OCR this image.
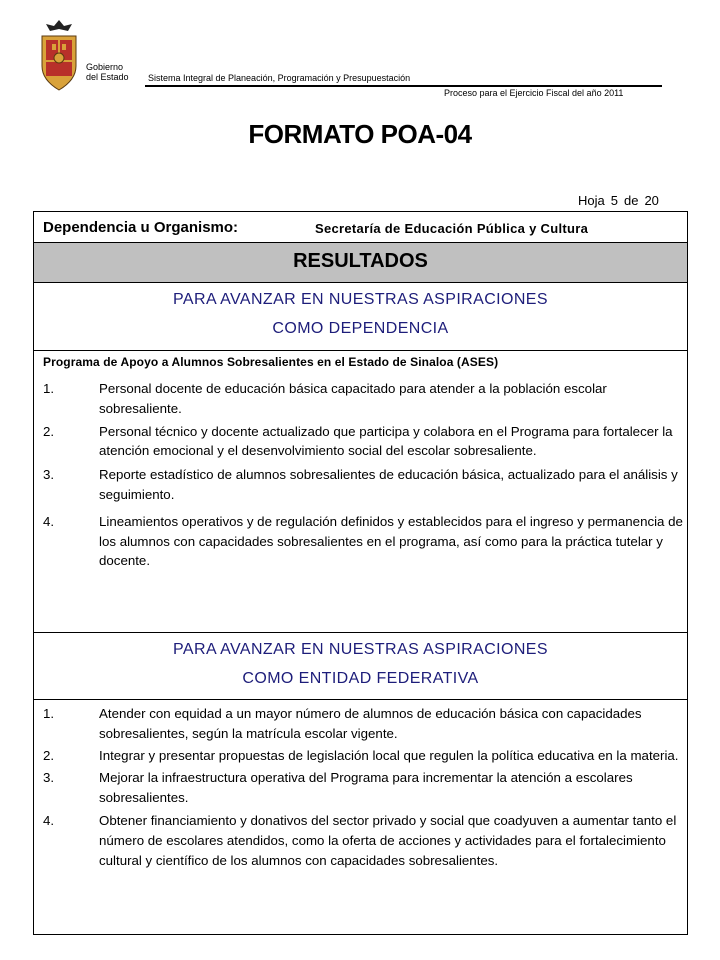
Gobierno
del Estado Sistema Integral de Planeación, Programación y Presupuestación
Proceso para el Ejercicio Fiscal del año 2011
FORMATO POA-04
Hoja 5 de 20
Dependencia u Organismo:	Secretaría de Educación Pública y Cultura
RESULTADOS
PARA AVANZAR EN NUESTRAS ASPIRACIONES
COMO DEPENDENCIA
Programa de Apoyo a Alumnos Sobresalientes en el Estado de Sinaloa (ASES)
1.	Personal docente de educación básica capacitado para atender a la población escolar sobresaliente.
2.	Personal técnico y docente actualizado que participa y colabora en el Programa para fortalecer la atención emocional y el desenvolvimiento social del escolar sobresaliente.
3.	Reporte estadístico de alumnos sobresalientes de educación básica, actualizado para el análisis y seguimiento.
4.	Lineamientos operativos y de regulación definidos y establecidos para el ingreso y permanencia de los alumnos con capacidades sobresalientes en el programa, así como para la práctica tutelar y docente.
PARA AVANZAR EN NUESTRAS ASPIRACIONES
COMO ENTIDAD FEDERATIVA
1.	Atender con equidad a un mayor número de alumnos de educación básica con capacidades sobresalientes, según la matrícula escolar vigente.
2.	Integrar y presentar propuestas de legislación local que regulen la política educativa en la materia.
3.	Mejorar la infraestructura operativa del Programa para incrementar la atención a escolares sobresalientes.
4.	Obtener financiamiento y donativos del sector privado y social que coadyuven a aumentar tanto el número de escolares atendidos, como la oferta de acciones y actividades para el fortalecimiento cultural y científico de los alumnos con capacidades sobresalientes.
